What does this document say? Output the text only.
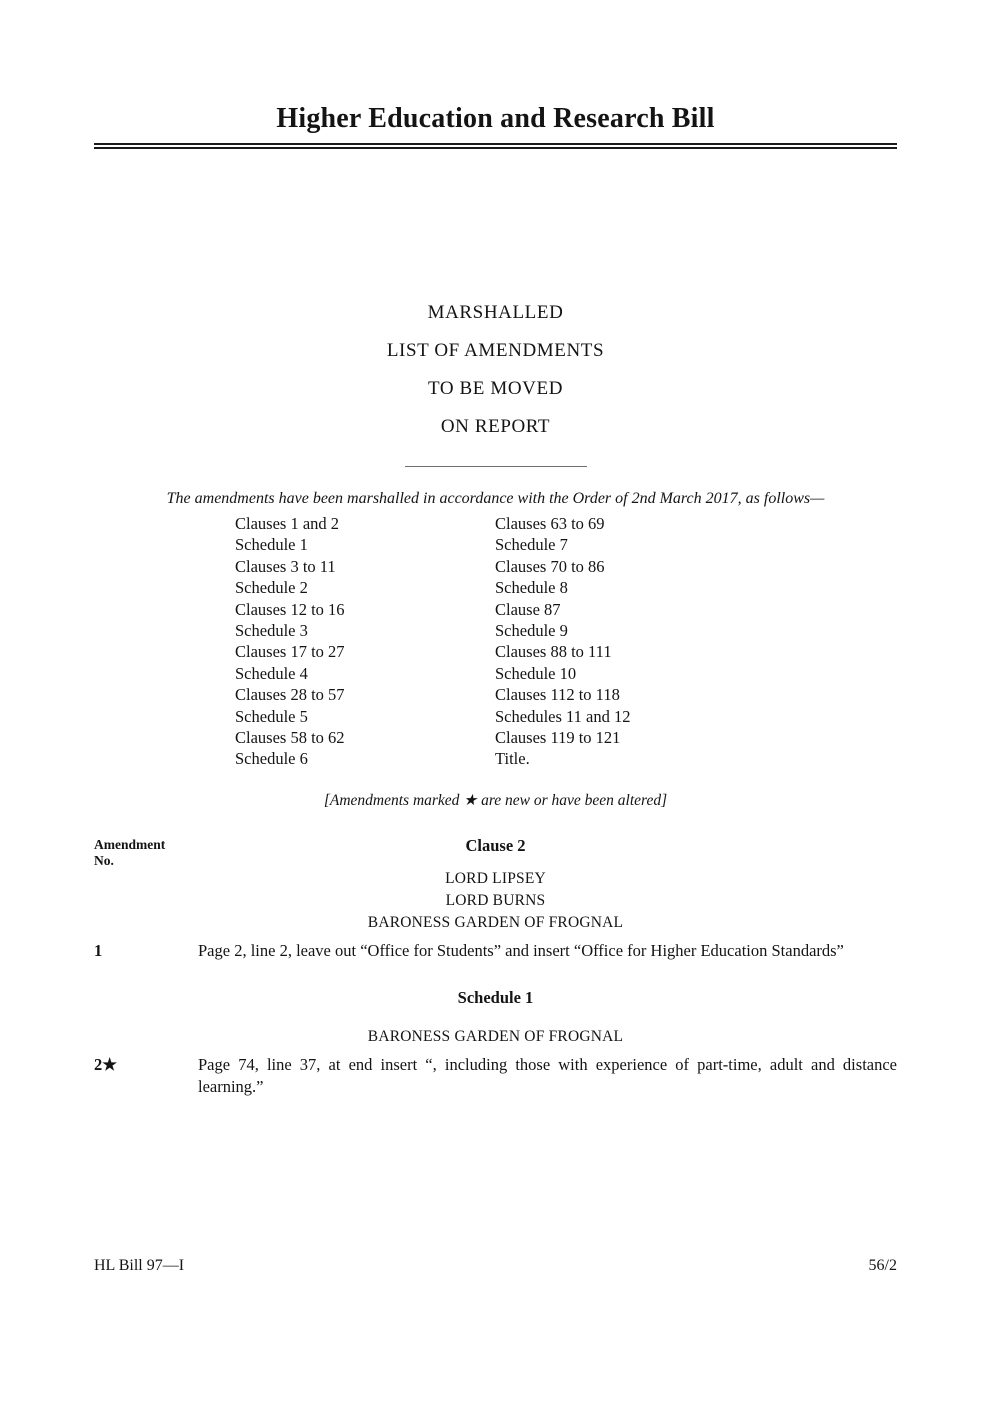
Higher Education and Research Bill
MARSHALLED
LIST OF AMENDMENTS
TO BE MOVED
ON REPORT
The amendments have been marshalled in accordance with the Order of 2nd March 2017, as follows—
Clauses 1 and 2
Schedule 1
Clauses 3 to 11
Schedule 2
Clauses 12 to 16
Schedule 3
Clauses 17 to 27
Schedule 4
Clauses 28 to 57
Schedule 5
Clauses 58 to 62
Schedule 6
Clauses 63 to 69
Schedule 7
Clauses 70 to 86
Schedule 8
Clause 87
Schedule 9
Clauses 88 to 111
Schedule 10
Clauses 112 to 118
Schedules 11 and 12
Clauses 119 to 121
Title.
[Amendments marked ★ are new or have been altered]
Amendment No.
Clause 2
LORD LIPSEY
LORD BURNS
BARONESS GARDEN OF FROGNAL
1	Page 2, line 2, leave out “Office for Students” and insert “Office for Higher Education Standards”
Schedule 1
BARONESS GARDEN OF FROGNAL
2★	Page 74, line 37, at end insert “, including those with experience of part-time, adult and distance learning.”
HL Bill 97—I	56/2
